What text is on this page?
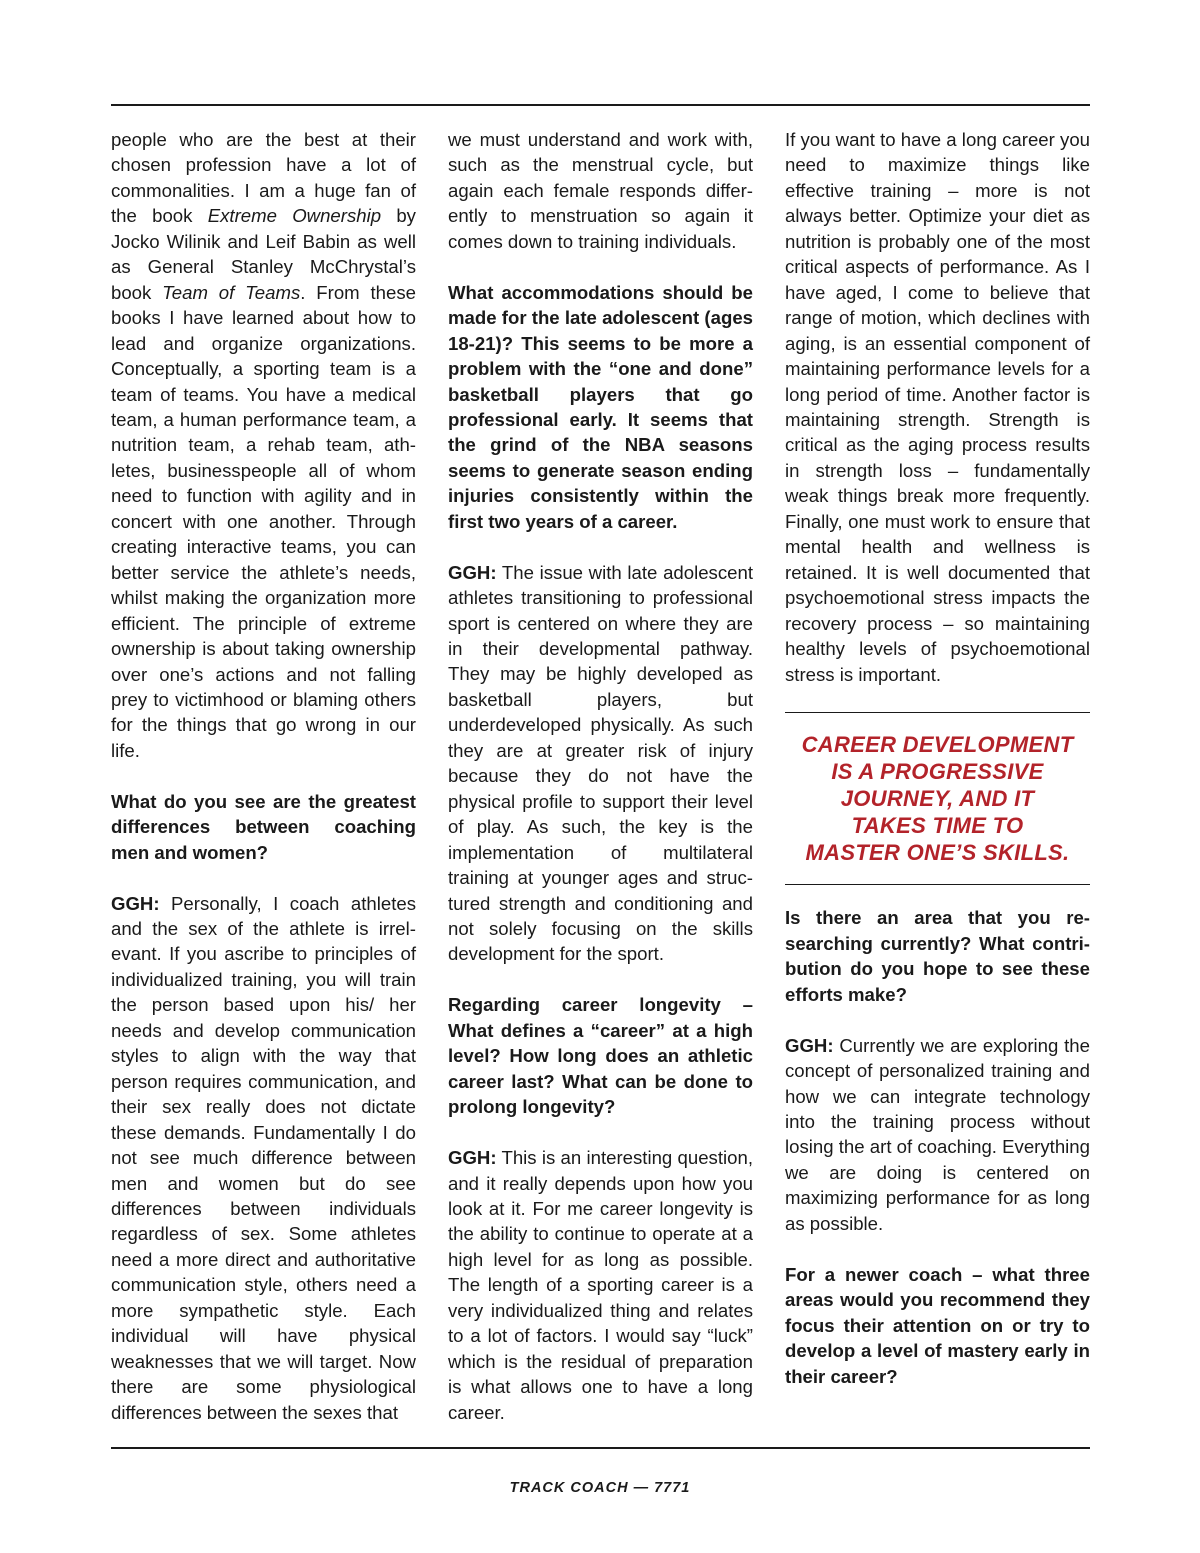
people who are the best at their chosen profession have a lot of commonalities. I am a huge fan of the book Extreme Ownership by Jocko Wilinik and Leif Babin as well as General Stanley McChrystal’s book Team of Teams. From these books I have learned about how to lead and organize organizations. Conceptually, a sporting team is a team of teams. You have a medical team, a human performance team, a nutrition team, a rehab team, athletes, businesspeople all of whom need to function with agility and in concert with one another. Through creating interactive teams, you can better service the athlete’s needs, whilst making the organization more efficient. The principle of extreme ownership is about taking ownership over one’s actions and not falling prey to victimhood or blaming others for the things that go wrong in our life.

What do you see are the greatest differences between coaching men and women?

GGH: Personally, I coach athletes and the sex of the athlete is irrelevant. If you ascribe to principles of individualized training, you will train the person based upon his/ her needs and develop communication styles to align with the way that person requires communication, and their sex really does not dictate these demands. Fundamentally I do not see much difference between men and women but do see differences between individuals regardless of sex. Some athletes need a more direct and authoritative communication style, others need a more sympathetic style. Each individual will have physical weaknesses that we will target. Now there are some physiological differences between the sexes that

we must understand and work with, such as the menstrual cycle, but again each female responds differently to menstruation so again it comes down to training individuals.

What accommodations should be made for the late adolescent (ages 18-21)? This seems to be more a problem with the “one and done” basketball players that go professional early. It seems that the grind of the NBA seasons seems to generate season ending injuries consistently within the first two years of a career.

GGH: The issue with late adolescent athletes transitioning to professional sport is centered on where they are in their developmental pathway. They may be highly developed as basketball players, but underdeveloped physically. As such they are at greater risk of injury because they do not have the physical profile to support their level of play. As such, the key is the implementation of multilateral training at younger ages and structured strength and conditioning and not solely focusing on the skills development for the sport.

Regarding career longevity – What defines a “career” at a high level? How long does an athletic career last? What can be done to prolong longevity?

GGH: This is an interesting question, and it really depends upon how you look at it. For me career longevity is the ability to continue to operate at a high level for as long as possible. The length of a sporting career is a very individualized thing and relates to a lot of factors. I would say “luck” which is the residual of preparation is what allows one to have a long career.

If you want to have a long career you need to maximize things like effective training – more is not always better. Optimize your diet as nutrition is probably one of the most critical aspects of performance. As I have aged, I come to believe that range of motion, which declines with aging, is an essential component of maintaining performance levels for a long period of time. Another factor is maintaining strength. Strength is critical as the aging process results in strength loss – fundamentally weak things break more frequently. Finally, one must work to ensure that mental health and wellness is retained. It is well documented that psychoemotional stress impacts the recovery process – so maintaining healthy levels of psychoemotional stress is important.

CAREER DEVELOPMENT
IS A PROGRESSIVE
JOURNEY, AND IT
TAKES TIME TO
MASTER ONE’S SKILLS.

Is there an area that you researching currently? What contribution do you hope to see these efforts make?

GGH: Currently we are exploring the concept of personalized training and how we can integrate technology into the training process without losing the art of coaching. Everything we are doing is centered on maximizing performance for as long as possible.

For a newer coach – what three areas would you recommend they focus their attention on or try to develop a level of mastery early in their career?

TRACK COACH — 7771
